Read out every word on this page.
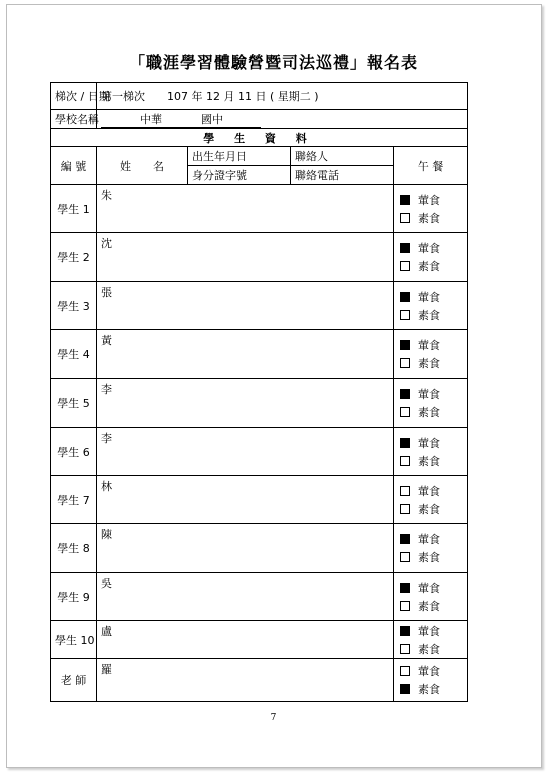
「職涯學習體驗營暨司法巡禮」報名表
梯次 / 日期	第一梯次　　107 年 12 月 11 日 ( 星期二 )			
學校名稱	中華 國中			
學 生 資 料				
編 號	姓　　名	出生年月日	聯絡人	午 餐
		身分證字號	聯絡電話	
學生 1	朱			葷食
素食

學生 2	沈			葷食
素食

學生 3	張			葷食
素食

學生 4	黃			葷食
素食

學生 5	李			葷食
素食

學生 6	李			葷食
素食

學生 7	林			葷食
素食

學生 8	陳			葷食
素食

學生 9	吳			葷食
素食

學生 10	盧			葷食
素食

老 師	羅			葷食
素食
7
